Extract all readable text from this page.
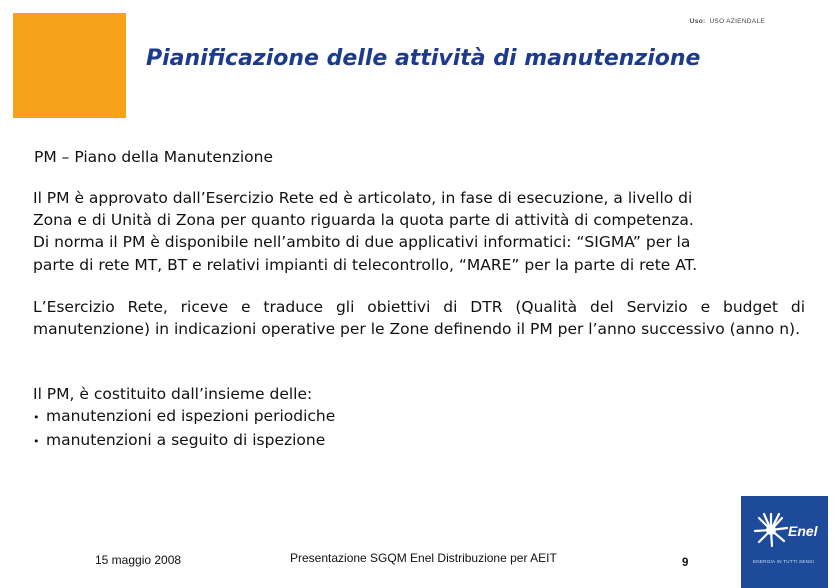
Uso: USO AZIENDALE
Pianificazione delle attività di manutenzione
PM – Piano della Manutenzione
Il PM è approvato dall’Esercizio Rete ed è articolato, in fase di esecuzione, a livello di
Zona e di Unità di Zona per quanto riguarda la quota parte di attività di competenza.
Di norma il PM è disponibile nell’ambito di due applicativi informatici: “SIGMA” per la
parte di rete MT, BT e relativi impianti di telecontrollo, “MARE” per la parte di rete AT.
L’Esercizio Rete, riceve e traduce gli obiettivi di DTR (Qualità del Servizio e budget di manutenzione) in indicazioni operative per le Zone definendo il PM per l’anno successivo (anno n).
Il PM, è costituito dall’insieme delle:
• manutenzioni ed ispezioni periodiche
• manutenzioni a seguito di ispezione
15 maggio 2008	Presentazione SGQM Enel Distribuzione per AEIT	9
Enel
ENERGIA IN TUTTI SENSI
